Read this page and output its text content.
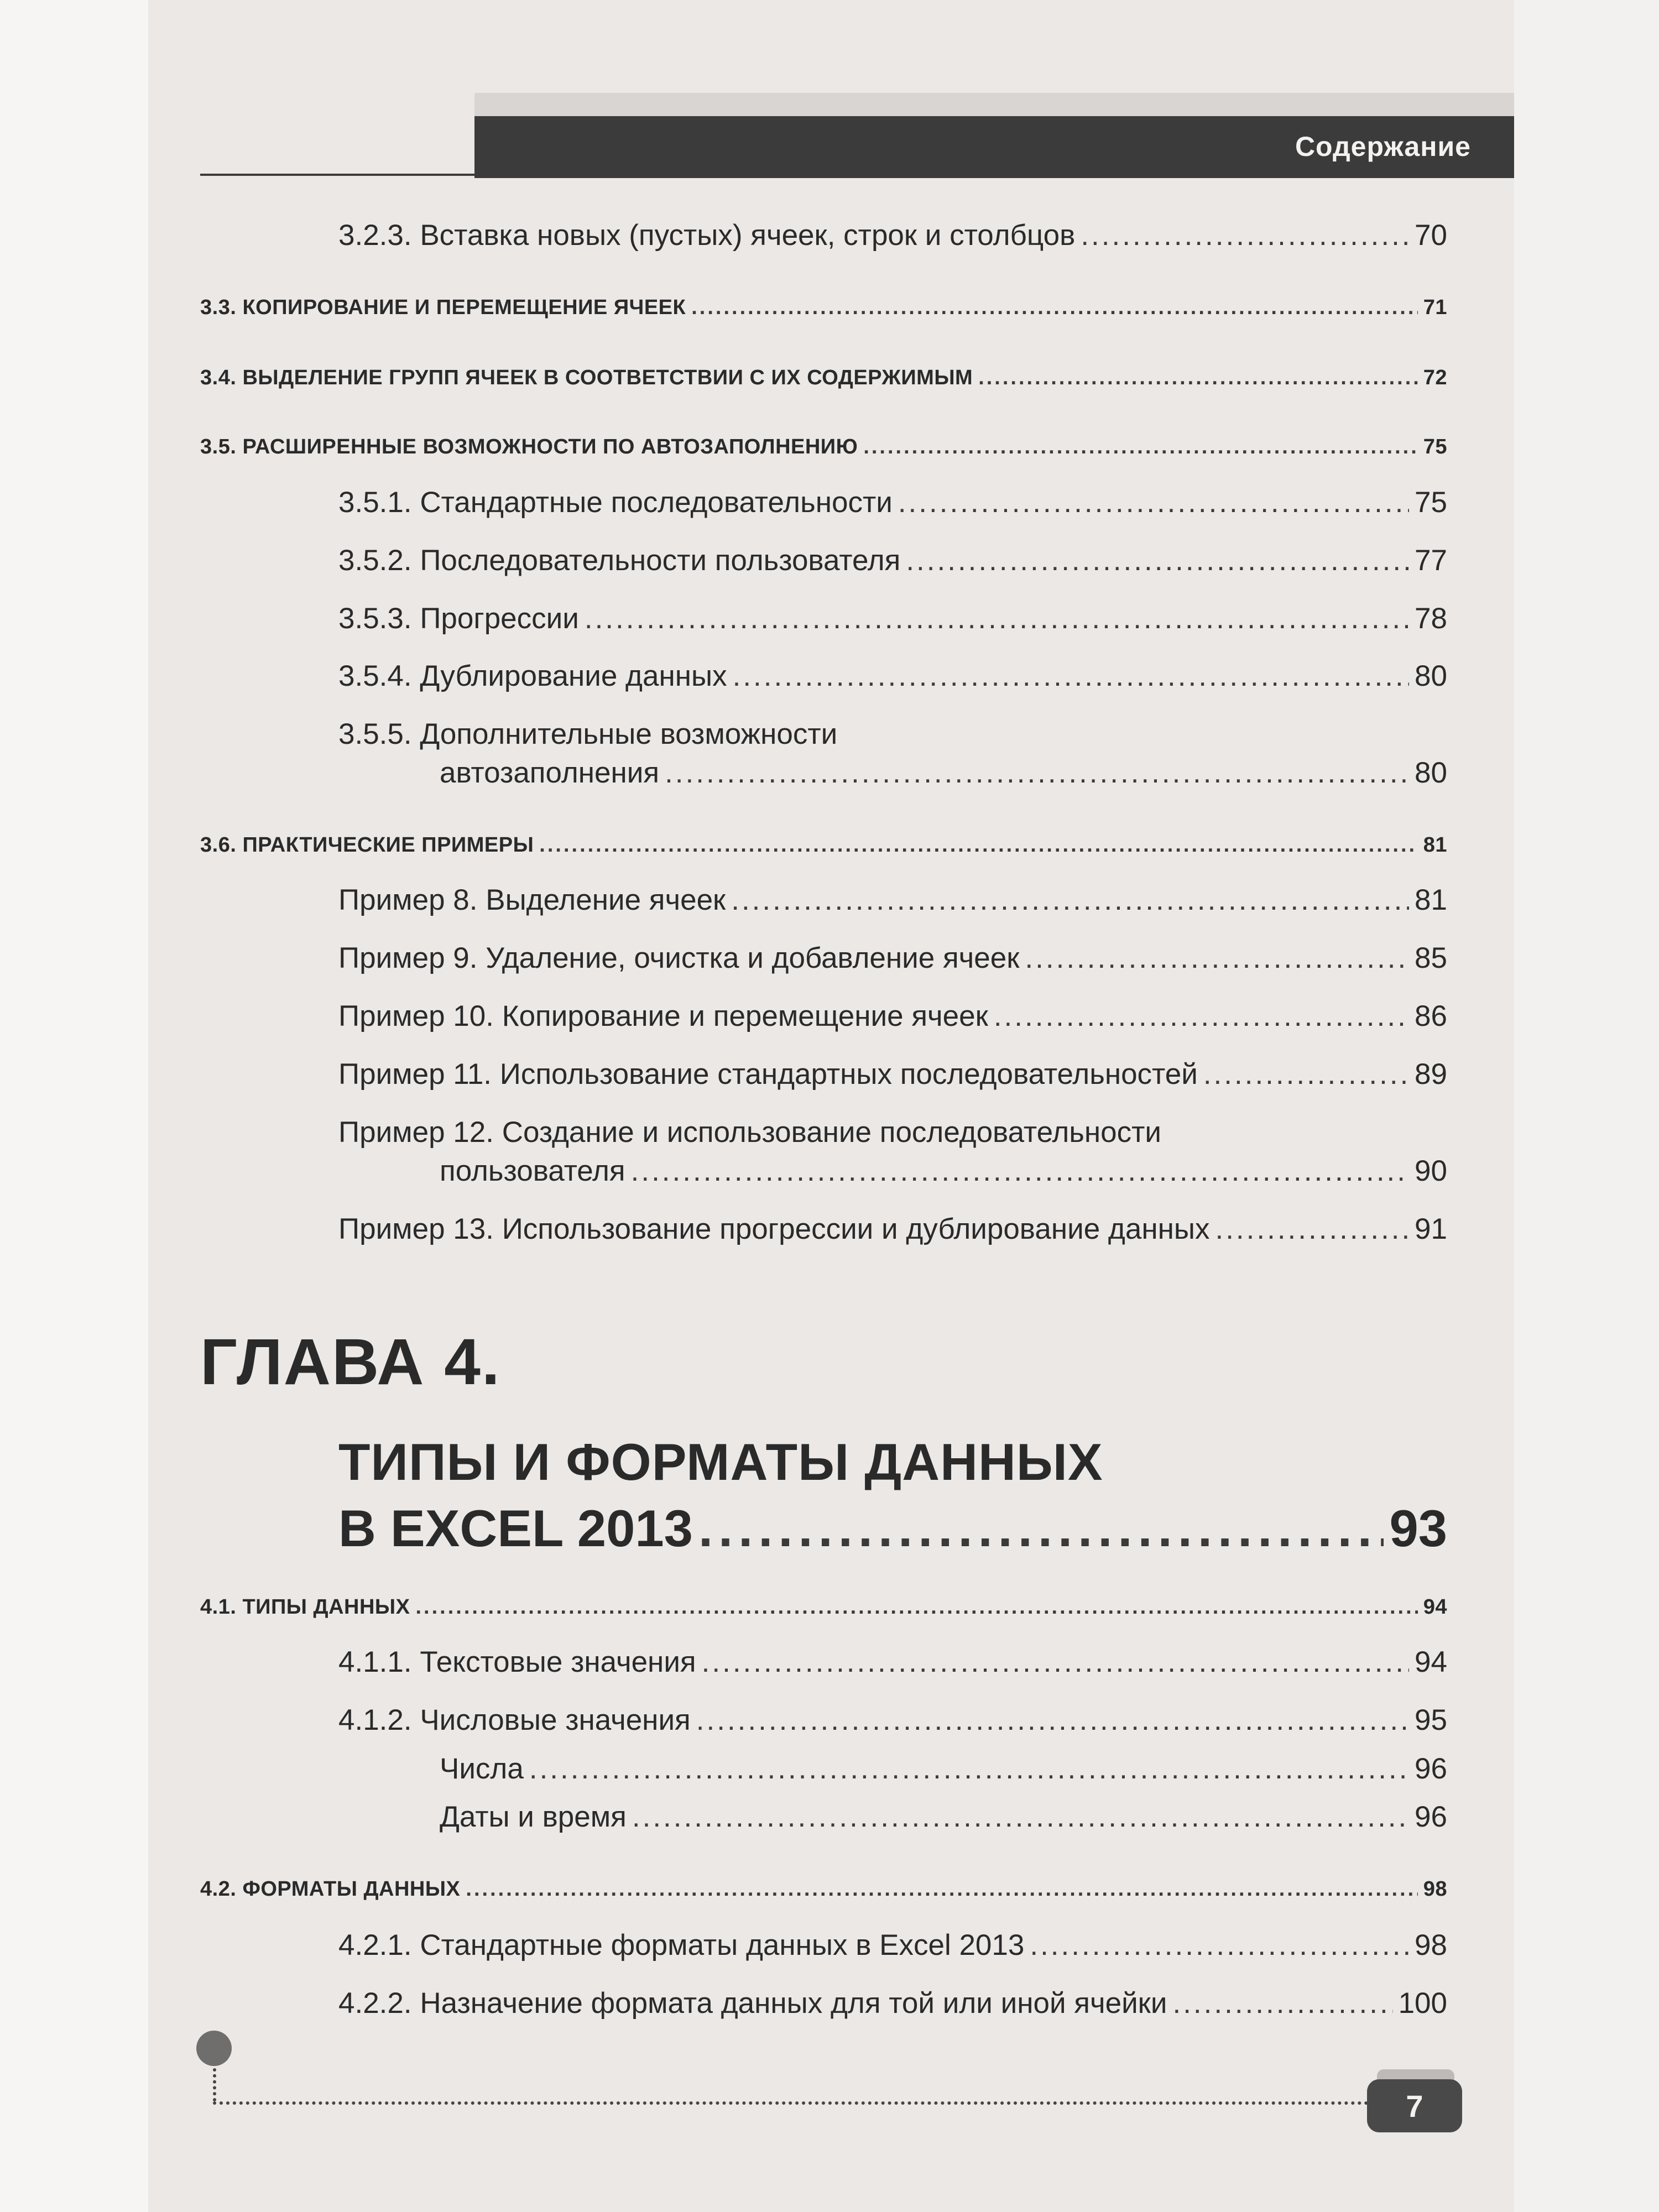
Содержание
3.2.3. Вставка новых (пустых) ячеек, строк и столбцов .....	70
3.3. КОПИРОВАНИЕ И ПЕРЕМЕЩЕНИЕ ЯЧЕЕК .....	71
3.4. ВЫДЕЛЕНИЕ ГРУПП ЯЧЕЕК В СООТВЕТСТВИИ С ИХ СОДЕРЖИМЫМ .....	72
3.5. РАСШИРЕННЫЕ ВОЗМОЖНОСТИ ПО АВТОЗАПОЛНЕНИЮ .....	75
3.5.1. Стандартные последовательности .....	75
3.5.2. Последовательности пользователя .....	77
3.5.3. Прогрессии .....	78
3.5.4. Дублирование данных .....	80
3.5.5. Дополнительные возможности
автозаполнения .....	80
3.6. ПРАКТИЧЕСКИЕ ПРИМЕРЫ .....	81
Пример 8. Выделение ячеек .....	81
Пример 9. Удаление, очистка и добавление ячеек .....	85
Пример 10. Копирование и перемещение ячеек .....	86
Пример 11. Использование стандартных последовательностей .....	89
Пример 12. Создание и использование последовательности
пользователя .....	90
Пример 13. Использование прогрессии и дублирование данных .....	91
ГЛАВА 4.
ТИПЫ И ФОРМАТЫ ДАННЫХ
В EXCEL 2013 .....	93
4.1. ТИПЫ ДАННЫХ .....	94
4.1.1. Текстовые значения .....	94
4.1.2. Числовые значения .....	95
Числа .....	96
Даты и время .....	96
4.2. ФОРМАТЫ ДАННЫХ .....	98
4.2.1. Стандартные форматы данных в Excel 2013 .....	98
4.2.2. Назначение формата данных для той или иной ячейки .....	100
7
